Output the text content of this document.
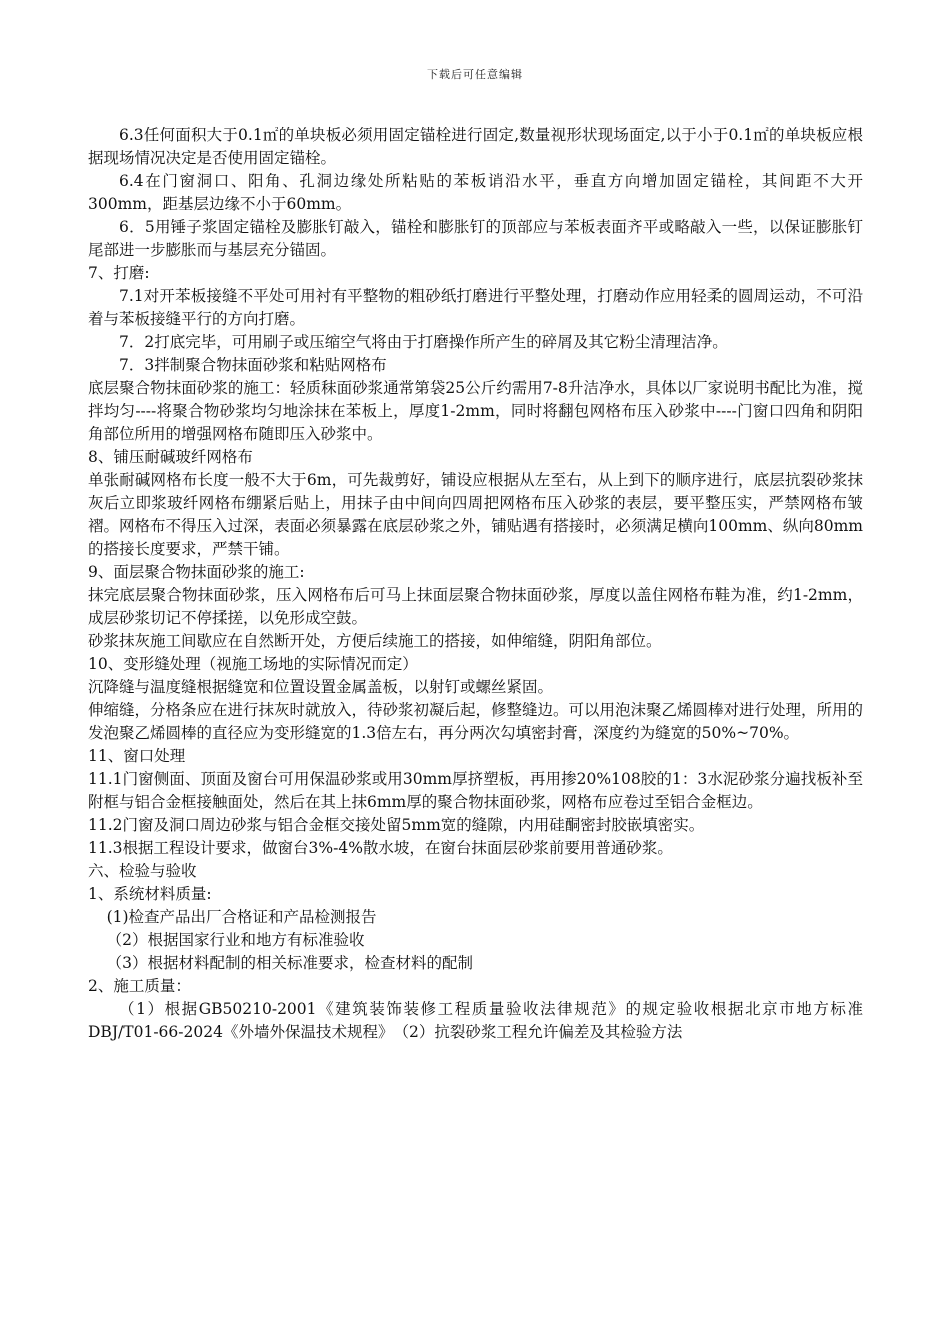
下载后可任意编辑

6.3任何面积大于0.1㎡的单块板必须用固定锚栓进行固定,数量视形状现场面定,以于小于0.1㎡的单块板应根据现场情况决定是否使用固定锚栓。

6.4在门窗洞口、阳角、孔洞边缘处所粘贴的苯板诮沿水平，垂直方向增加固定锚栓，其间距不大开300mm，距基层边缘不小于60mm。

6．5用锤子浆固定锚栓及膨胀钉敲入，锚栓和膨胀钉的顶部应与苯板表面齐平或略敲入一些，以保证膨胀钉尾部进一步膨胀而与基层充分锚固。

7、打磨:

7.1对开苯板接缝不平处可用衬有平整物的粗砂纸打磨进行平整处理，打磨动作应用轻柔的圆周运动，不可沿着与苯板接缝平行的方向打磨。

7．2打底完毕，可用刷子或压缩空气将由于打磨操作所产生的碎屑及其它粉尘清理洁净。

7．3拌制聚合物抹面砂浆和粘贴网格布

底层聚合物抹面砂浆的施工：轻质秣面砂浆通常第袋25公斤约需用7-8升洁净水，具体以厂家说明书配比为准，搅拌均匀----将聚合物砂浆均匀地涂抹在苯板上，厚度1-2mm，同时将翻包网格布压入砂浆中----门窗口四角和阴阳角部位所用的增强网格布随即压入砂浆中。

8、铺压耐碱玻纤网格布

单张耐碱网格布长度一般不大于6m，可先裁剪好，铺设应根据从左至右，从上到下的顺序进行，底层抗裂砂浆抹灰后立即浆玻纤网格布绷紧后贴上，用抹子由中间向四周把网格布压入砂浆的表层，要平整压实，严禁网格布皱褶。网格布不得压入过深，表面必须暴露在底层砂浆之外，铺贴遇有搭接时，必须满足横向100mm、纵向80mm的搭接长度要求，严禁干铺。

9、面层聚合物抹面砂浆的施工:

抹完底层聚合物抹面砂浆，压入网格布后可马上抹面层聚合物抹面砂浆，厚度以盖住网格布鞋为准，约1-2mm，成层砂浆切记不停揉搓，以免形成空鼓。

砂浆抹灰施工间歇应在自然断开处，方便后续施工的搭接，如伸缩缝，阴阳角部位。

10、变形缝处理（视施工场地的实际情况而定）

沉降缝与温度缝根据缝宽和位置设置金属盖板，以射钉或螺丝紧固。

伸缩缝，分格条应在进行抹灰时就放入，待砂浆初凝后起，修整缝边。可以用泡沫聚乙烯圆棒对进行处理，所用的发泡聚乙烯圆棒的直径应为变形缝宽的1.3倍左右，再分两次勾填密封膏，深度约为缝宽的50%~70%。

11、窗口处理

11.1门窗侧面、顶面及窗台可用保温砂浆或用30mm厚挤塑板，再用掺20%108胶的1：3水泥砂浆分遍找板补至附框与铝合金框接触面处，然后在其上抹6mm厚的聚合物抹面砂浆，网格布应卷过至铝合金框边。

11.2门窗及洞口周边砂浆与铝合金框交接处留5mm宽的缝隙，内用硅酮密封胶嵌填密实。

11.3根据工程设计要求，做窗台3%-4%散水坡，在窗台抹面层砂浆前要用普通砂浆。

六、检验与验收

1、系统材料质量:

(1)检查产品出厂合格证和产品检测报告

（2）根据国家行业和地方有标准验收

（3）根据材料配制的相关标准要求，检查材料的配制

2、施工质量：

（1）根据GB50210-2001《建筑装饰装修工程质量验收法律规范》的规定验收根据北京市地方标准DBJ/T01-66-2024《外墙外保温技术规程》　（2）抗裂砂浆工程允许偏差及其检验方法
